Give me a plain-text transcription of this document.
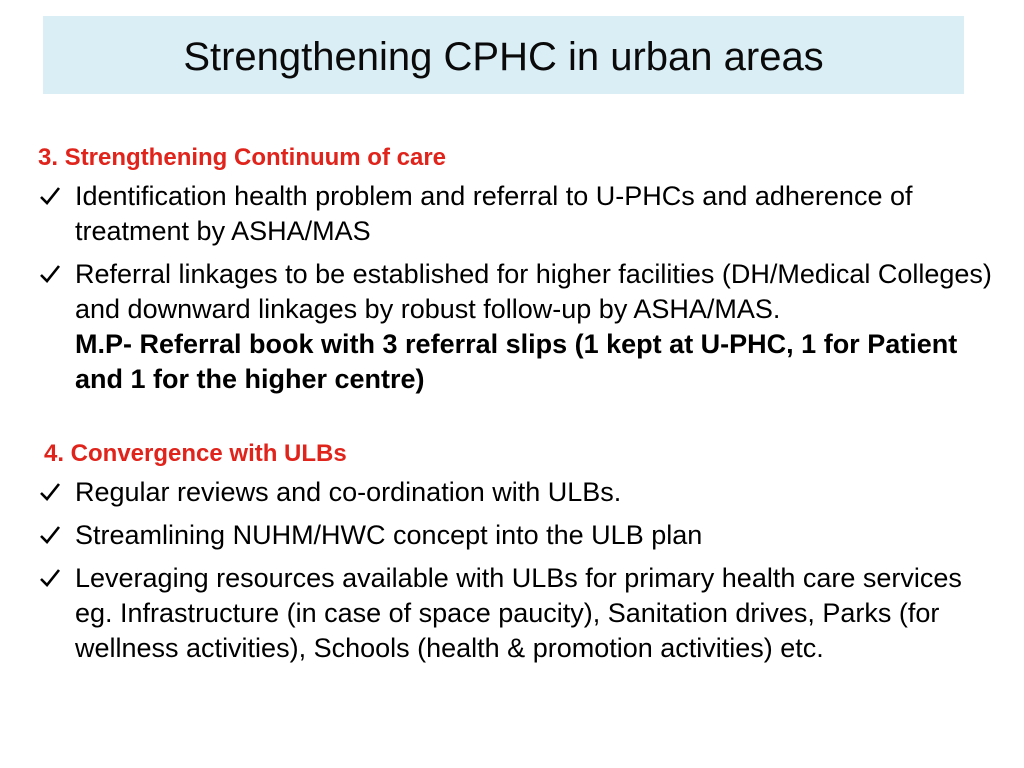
Strengthening CPHC in urban areas
3. Strengthening Continuum of care
Identification health problem and referral to U-PHCs and adherence of treatment by ASHA/MAS
Referral linkages to be established for higher facilities (DH/Medical Colleges) and downward linkages by robust follow-up by ASHA/MAS.
M.P- Referral book with 3 referral slips (1 kept at U-PHC, 1 for Patient and 1 for the higher centre)
4. Convergence with ULBs
Regular reviews and co-ordination with ULBs.
Streamlining NUHM/HWC concept into the ULB plan
Leveraging resources available with ULBs for primary health care services eg. Infrastructure (in case of space paucity), Sanitation drives, Parks (for wellness activities), Schools (health & promotion activities) etc.
